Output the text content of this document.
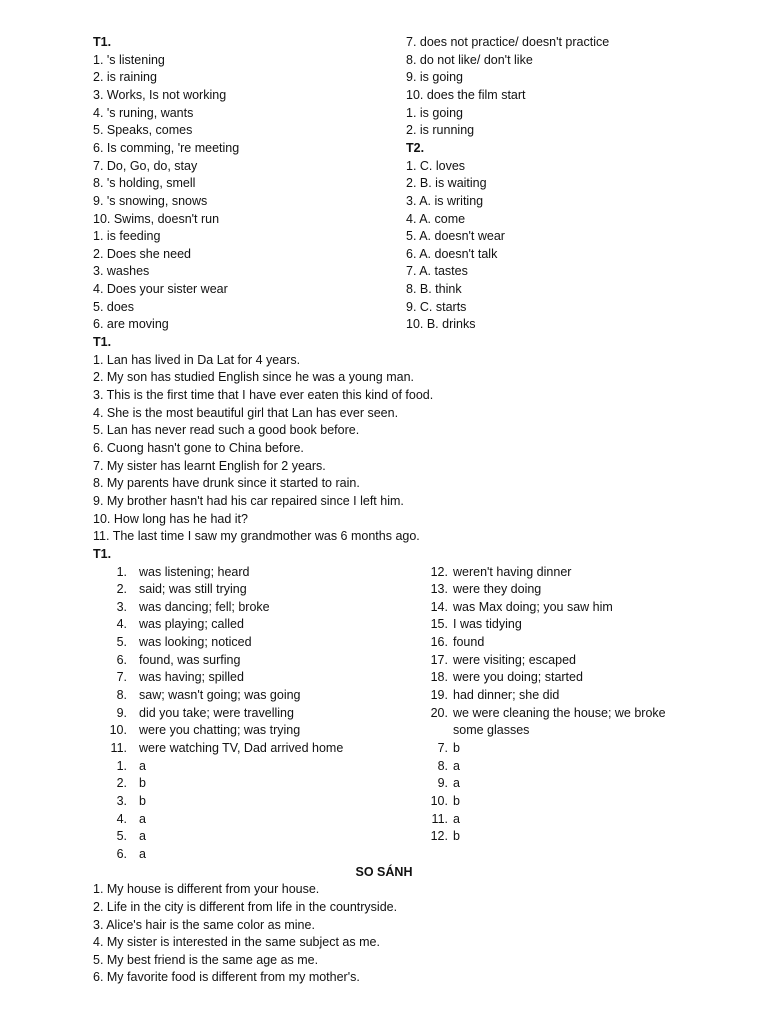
T1.
1. 's listening
2. is raining
3. Works, Is not working
4. 's runing, wants
5. Speaks, comes
6. Is comming, 're meeting
7. Do, Go, do, stay
8. 's holding, smell
9. 's snowing, snows
10. Swims, doesn't run
1. is feeding
2. Does she need
3. washes
4. Does your sister wear
5. does
6. are moving
7. does not practice/ doesn't practice
8. do not like/ don't like
9. is going
10. does the film start
1. is going
2. is running
T2.
1. C. loves
2. B. is waiting
3. A. is writing
4. A. come
5. A. doesn't wear
6. A. doesn't talk
7. A. tastes
8. B. think
9. C. starts
10. B. drinks
T1.
1. Lan has lived in Da Lat for 4 years.
2. My son has studied English since he was a young man.
3. This is the first time that I have ever eaten this kind of food.
4. She is the most beautiful girl that Lan has ever seen.
5. Lan has never read such a good book before.
6. Cuong hasn't gone to China before.
7. My sister has learnt English for 2 years.
8. My parents have drunk since it started to rain.
9. My brother hasn't had his car repaired since I left him.
10. How long has he had it?
11. The last time I saw my grandmother was 6 months ago.
T1.
1. was listening; heard
2. said; was still trying
3. was dancing; fell; broke
4. was playing; called
5. was looking; noticed
6. found, was surfing
7. was having; spilled
8. saw; wasn't going; was going
9. did you take; were travelling
10. were you chatting; was trying
11. were watching TV, Dad arrived home
1. a
2. b
3. b
4. a
5. a
6. a
12. weren't having dinner
13. were they doing
14. was Max doing; you saw him
15. I was tidying
16. found
17. were visiting; escaped
18. were you doing; started
19. had dinner; she did
20. we were cleaning the house; we broke
some glasses
7. b
8. a
9. a
10. b
11. a
12. b
SO SÁNH
1. My house is different from your house.
2. Life in the city is different from life in the countryside.
3. Alice's hair is the same color as mine.
4. My sister is interested in the same subject as me.
5. My best friend is the same age as me.
6. My favorite food is different from my mother's.
